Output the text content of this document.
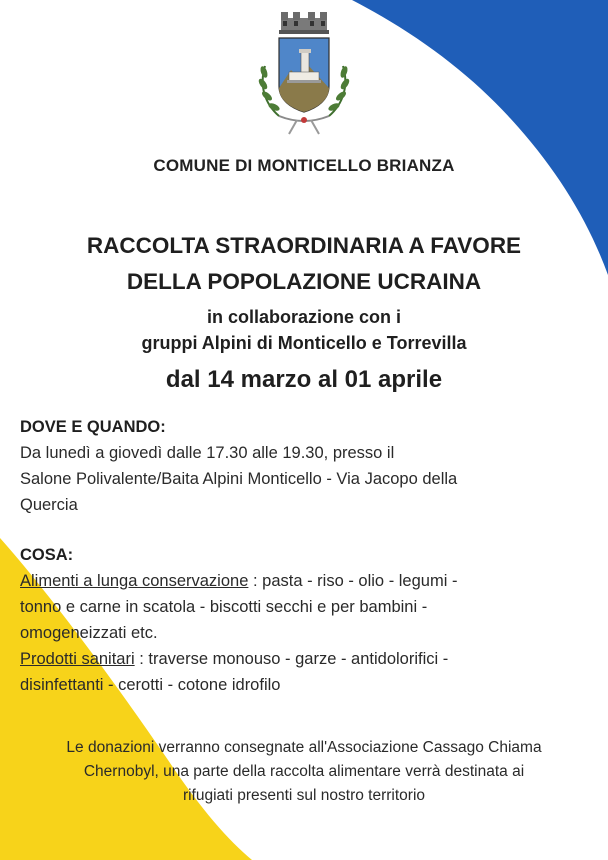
COMUNE DI MONTICELLO BRIANZA

RACCOLTA STRAORDINARIA A FAVORE
DELLA POPOLAZIONE UCRAINA
in collaborazione con i
gruppi Alpini di Monticello e Torrevilla

dal 14 marzo al 01 aprile

DOVE E QUANDO:
Da lunedì a giovedì dalle 17.30 alle 19.30, presso il
Salone Polivalente/Baita Alpini Monticello - Via Jacopo della
Quercia
COSA:
Alimenti a lunga conservazione : pasta - riso - olio - legumi -
tonno e carne in scatola - biscotti secchi e per bambini -
omogeneizzati etc.
Prodotti sanitari : traverse monouso - garze - antidolorifici -
disinfettanti - cerotti - cotone idrofilo
Le donazioni verranno consegnate all'Associazione Cassago Chiama
Chernobyl, una parte della raccolta alimentare verrà destinata ai
rifugiati presenti sul nostro territorio
